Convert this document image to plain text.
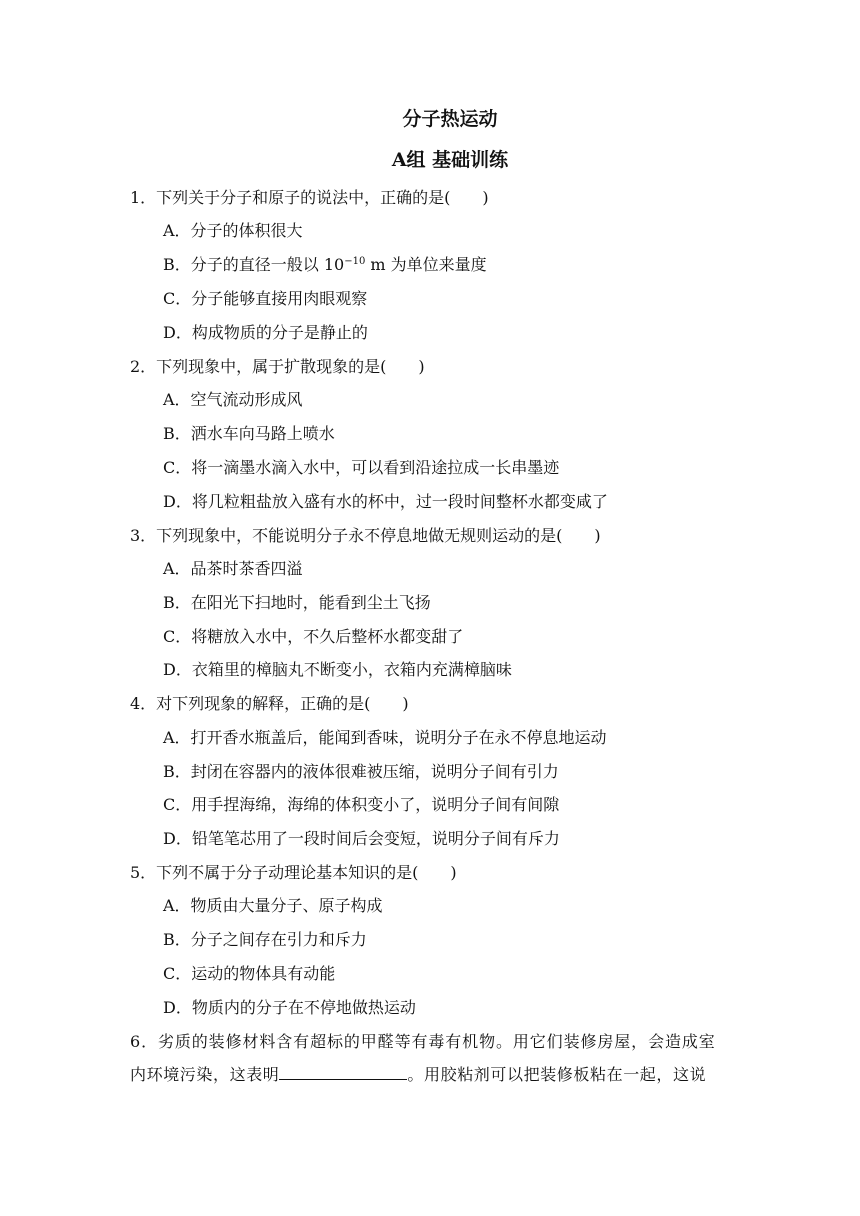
分子热运动
A组 基础训练
1．下列关于分子和原子的说法中，正确的是(　　)
A．分子的体积很大
B．分子的直径一般以 $10^{-10}$ m 为单位来量度
C．分子能够直接用肉眼观察
D．构成物质的分子是静止的
2．下列现象中，属于扩散现象的是(　　)
A．空气流动形成风
B．洒水车向马路上喷水
C．将一滴墨水滴入水中，可以看到沿途拉成一长串墨迹
D．将几粒粗盐放入盛有水的杯中，过一段时间整杯水都变咸了
3．下列现象中，不能说明分子永不停息地做无规则运动的是(　　)
A．品茶时茶香四溢
B．在阳光下扫地时，能看到尘土飞扬
C．将糖放入水中，不久后整杯水都变甜了
D．衣箱里的樟脑丸不断变小，衣箱内充满樟脑味
4．对下列现象的解释，正确的是(　　)
A．打开香水瓶盖后，能闻到香味，说明分子在永不停息地运动
B．封闭在容器内的液体很难被压缩，说明分子间有引力
C．用手捏海绵，海绵的体积变小了，说明分子间有间隙
D．铅笔笔芯用了一段时间后会变短，说明分子间有斥力
5．下列不属于分子动理论基本知识的是(　　)
A．物质由大量分子、原子构成
B．分子之间存在引力和斥力
C．运动的物体具有动能
D．物质内的分子在不停地做热运动
6．劣质的装修材料含有超标的甲醛等有毒有机物。用它们装修房屋，会造成室
内环境污染，这表明	。用胶粘剂可以把装修板粘在一起，这说
